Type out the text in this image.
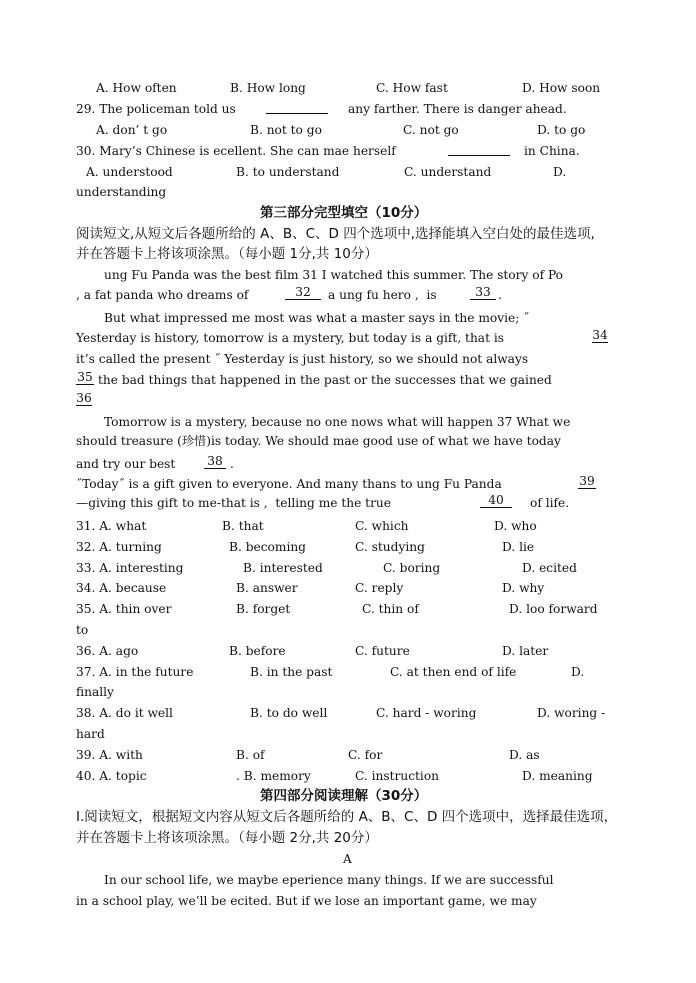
A. How often

	B. How long

	C. How fast

	D. How soon

29. The policeman told us

	any farther. There is danger ahead.

A. don’ t go

	B. not to go

	C. not go

	D. to go

30. Mary’s Chinese is ecellent. She can mae herself

	in China.

A. understood

	B. to understand

	C. understand

	D.

understanding

第三部分完型填空（10分）

阅读短文,从短文后各题所给的 A、B、C、D 四个选项中,选择能填入空白处的最佳选项,

并在答题卡上将该项涂黑。（每小题 1分,共 10分）

ung Fu Panda was the best film 31 I watched this summer. The story of Po

, a fat panda who dreams of

	32

	a ung fu hero ,  is

	33

.

But what impressed me most was what a master says in the movie; ˝

Yesterday is history, tomorrow is a mystery, but today is a gift, that is

	34

it’s called the present ˝ Yesterday is just history, so we should not always

35

the bad things that happened in the past or the successes that we gained

36

Tomorrow is a mystery, because no one nows what will happen 37 What we

should treasure (珍惜)is today. We should mae good use of what we have today

and try our best

	38

.

˝Today˝ is a gift given to everyone. And many thans to ung Fu Panda

	39

—giving this gift to me-that is ,  telling me the true

	40

	of life.

31. A. what

	B. that

	C. which

	D. who

32. A. turning

	B. becoming

	C. studying

	D. lie

33. A. interesting

	B. interested

	C. boring

	D. ecited

34. A. because

	B. answer

	C. reply

	D. why

35. A. thin over

	B. forget

	C. thin of

	D. loo forward

to

36. A. ago

	B. before

	C. future

	D. later

37. A. in the future

	B. in the past

	C. at then end of life

	D.

finally

38. A. do it well

	B. to do well

	C. hard - woring

	D. woring -

hard

39. A. with

	B. of

	C. for

	D. as

40. A. topic

	. B. memory

	C. instruction

	D. meaning

第四部分阅读理解（30分）

I.阅读短文，根据短文内容从短文后各题所给的 A、B、C、D 四个选项中，选择最佳选项，

并在答题卡上将该项涂黑。（每小题 2分,共 20分）

A

In our school life, we maybe eperience many things. If we are successful

in a school play, we’ll be ecited. But if we lose an important game, we may
